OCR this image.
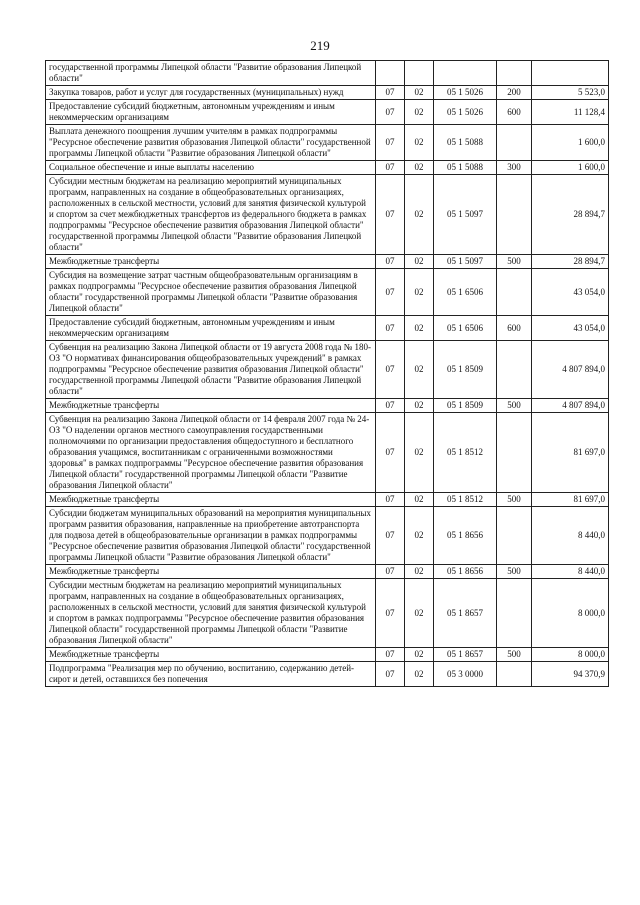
219
государственной программы Липецкой области "Развитие образования Липецкой области"					
Закупка товаров, работ и услуг для государственных (муниципальных) нужд	07	02	05 1 5026	200	5 523,0
Предоставление субсидий бюджетным, автономным учреждениям и иным некоммерческим организациям	07	02	05 1 5026	600	11 128,4
Выплата денежного поощрения лучшим учителям в рамках подпрограммы "Ресурсное обеспечение развития образования Липецкой области" государственной программы Липецкой области "Развитие образования Липецкой области"	07	02	05 1 5088		1 600,0
Социальное обеспечение и иные выплаты населению	07	02	05 1 5088	300	1 600,0
Субсидии местным бюджетам на реализацию мероприятий муниципальных программ, направленных на создание в общеобразовательных организациях, расположенных в сельской местности, условий для занятия физической культурой и спортом за счет межбюджетных трансфертов из федерального бюджета в рамках подпрограммы "Ресурсное обеспечение развития образования Липецкой области" государственной программы Липецкой области "Развитие образования Липецкой области"	07	02	05 1 5097		28 894,7
Межбюджетные трансферты	07	02	05 1 5097	500	28 894,7
Субсидия на возмещение затрат частным общеобразовательным организациям в рамках подпрограммы "Ресурсное обеспечение развития образования Липецкой области" государственной программы Липецкой области "Развитие образования Липецкой области"	07	02	05 1 6506		43 054,0
Предоставление субсидий бюджетным, автономным учреждениям и иным некоммерческим организациям	07	02	05 1 6506	600	43 054,0
Субвенция на реализацию Закона Липецкой области от 19 августа 2008 года № 180-ОЗ "О нормативах финансирования общеобразовательных учреждений" в рамках подпрограммы "Ресурсное обеспечение развития образования Липецкой области" государственной программы Липецкой области "Развитие образования Липецкой области"	07	02	05 1 8509		4 807 894,0
Межбюджетные трансферты	07	02	05 1 8509	500	4 807 894,0
Субвенция на реализацию Закона Липецкой области от 14 февраля 2007 года № 24-ОЗ "О наделении органов местного самоуправления государственными полномочиями по организации предоставления общедоступного и бесплатного образования учащимся, воспитанникам с ограниченными возможностями здоровья" в рамках подпрограммы "Ресурсное обеспечение развития образования Липецкой области" государственной программы Липецкой области "Развитие образования Липецкой области"	07	02	05 1 8512		81 697,0
Межбюджетные трансферты	07	02	05 1 8512	500	81 697,0
Субсидии бюджетам муниципальных образований на мероприятия муниципальных программ развития образования, направленные на приобретение автотранспорта для подвоза детей в общеобразовательные организации в рамках подпрограммы "Ресурсное обеспечение развития образования Липецкой области" государственной программы Липецкой области "Развитие образования Липецкой области"	07	02	05 1 8656		8 440,0
Межбюджетные трансферты	07	02	05 1 8656	500	8 440,0
Субсидии местным бюджетам на реализацию мероприятий муниципальных программ, направленных на создание в общеобразовательных организациях, расположенных в сельской местности, условий для занятия физической культурой и спортом в рамках подпрограммы "Ресурсное обеспечение развития образования Липецкой области" государственной программы Липецкой области "Развитие образования Липецкой области"	07	02	05 1 8657		8 000,0
Межбюджетные трансферты	07	02	05 1 8657	500	8 000,0
Подпрограмма "Реализация мер по обучению, воспитанию, содержанию детей-сирот и детей, оставшихся без попечения	07	02	05 3 0000		94 370,9
